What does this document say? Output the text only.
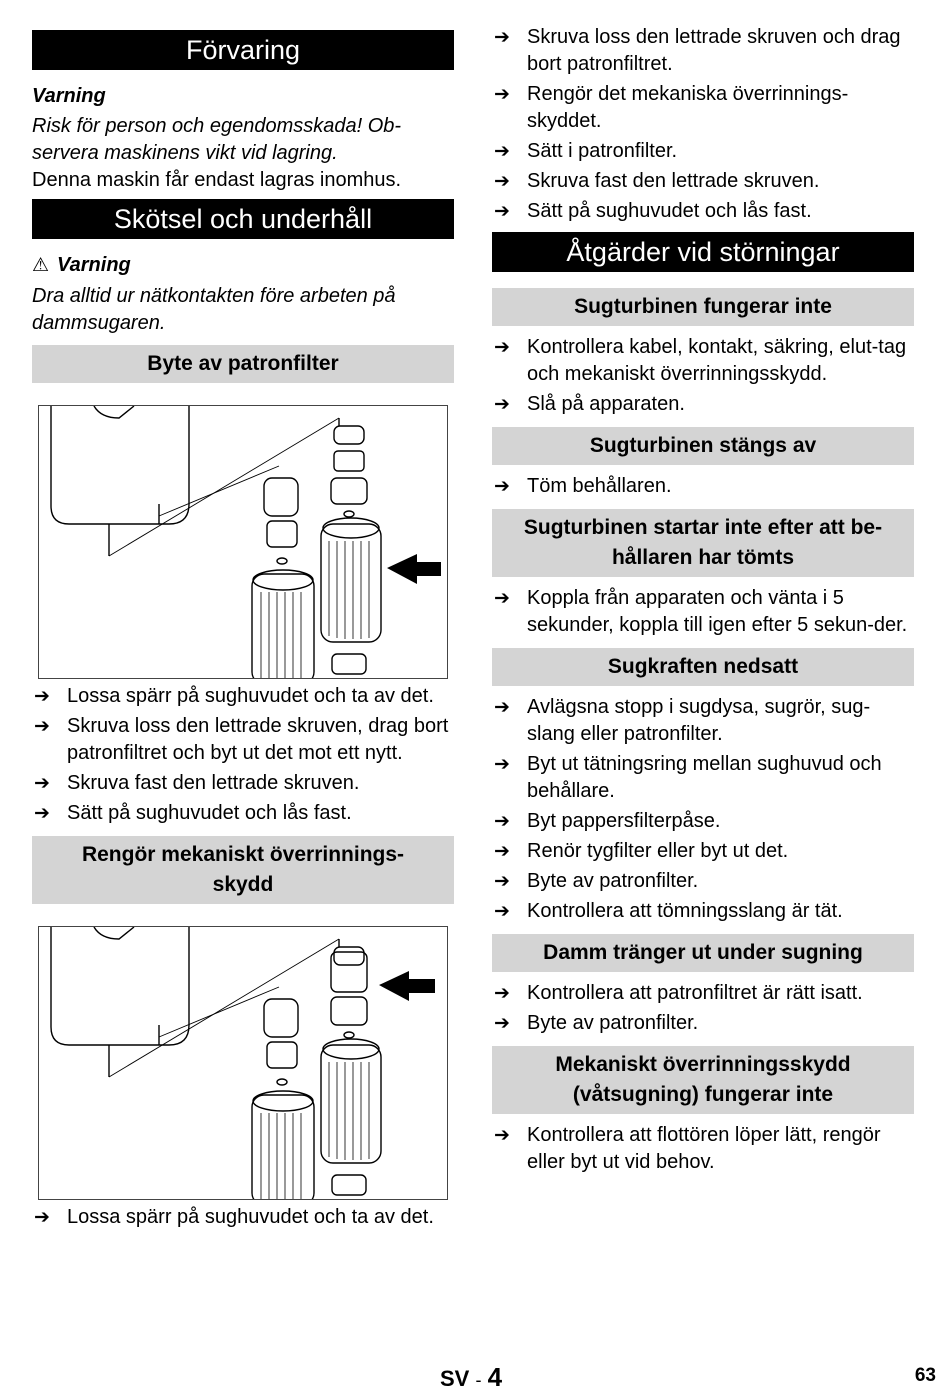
Förvaring

Varning

Risk för person och egendomsskada! Ob-

servera maskinens vikt vid lagring.

Denna maskin får endast lagras inomhus.

Skötsel och underhåll

⚠ Varning

Dra alltid ur nätkontakten före arbeten på

dammsugaren.

Byte av patronfilter
➔ Lossa spärr på sughuvudet och ta av det.
➔ Skruva loss den lettrade skruven, drag bort patronfiltret och byt ut det mot ett nytt.
➔ Skruva fast den lettrade skruven.
➔ Sätt på sughuvudet och lås fast.
Rengör mekaniskt överrinnings-
skydd
➔ Lossa spärr på sughuvudet och ta av det.
➔ Skruva loss den lettrade skruven och drag bort patronfiltret.
➔ Rengör det mekaniska överrinnings-skyddet.
➔ Sätt i patronfilter.
➔ Skruva fast den lettrade skruven.
➔ Sätt på sughuvudet och lås fast.
Åtgärder vid störningar
Sugturbinen fungerar inte
➔ Kontrollera kabel, kontakt, säkring, elut-tag och mekaniskt överrinningsskydd.
➔ Slå på apparaten.
Sugturbinen stängs av
➔ Töm behållaren.
Sugturbinen startar inte efter att be-
hållaren har tömts
➔ Koppla från apparaten och vänta i 5 sekunder, koppla till igen efter 5 sekun-der.
Sugkraften nedsatt
➔ Avlägsna stopp i sugdysa, sugrör, sug-slang eller patronfilter.
➔ Byt ut tätningsring mellan sughuvud och behållare.
➔ Byt pappersfilterpåse.
➔ Renör tygfilter eller byt ut det.
➔ Byte av patronfilter.
➔ Kontrollera att tömningsslang är tät.
Damm tränger ut under sugning
➔ Kontrollera att patronfiltret är rätt isatt.
➔ Byte av patronfilter.
Mekaniskt överrinningsskydd
(våtsugning) fungerar inte
➔ Kontrollera att flottören löper lätt, rengör eller byt ut vid behov.
SV - 4	63
